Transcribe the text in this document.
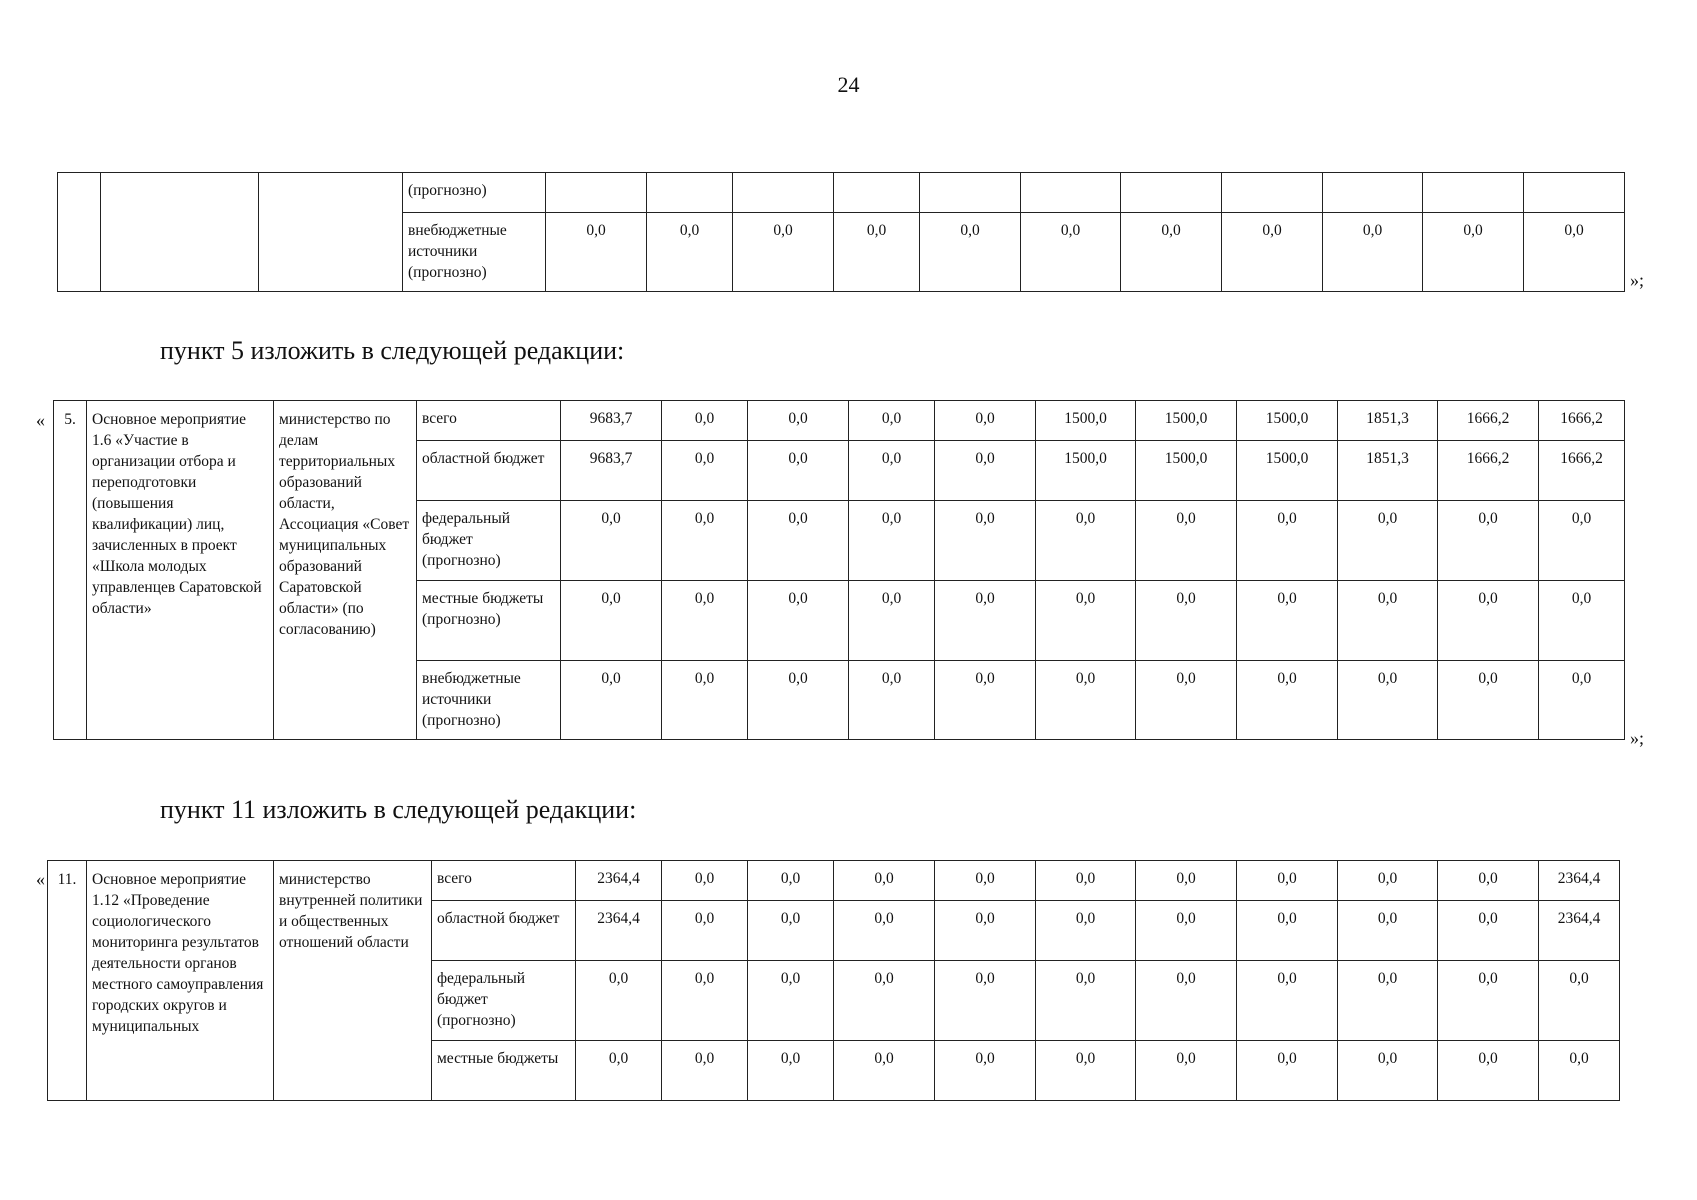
24
			(прогнозно)											
			внебюджетные источники (прогнозно)	0,0	0,0	0,0	0,0	0,0	0,0	0,0	0,0	0,0	0,0	0,0
»;
пункт 5 изложить в следующей редакции:
« 5.	Основное мероприятие 1.6 «Участие в организации отбора и переподготовки (повышения квалификации) лиц, зачисленных в проект «Школа молодых управленцев Саратовской области»	министерство по делам территориальных образований области, Ассоциация «Совет муниципальных образований Саратовской области» (по согласованию)	всего	9683,7	0,0	0,0	0,0	0,0	1500,0	1500,0	1500,0	1851,3	1666,2	1666,2
			областной бюджет	9683,7	0,0	0,0	0,0	0,0	1500,0	1500,0	1500,0	1851,3	1666,2	1666,2
			федеральный бюджет (прогнозно)	0,0	0,0	0,0	0,0	0,0	0,0	0,0	0,0	0,0	0,0	0,0
			местные бюджеты (прогнозно)	0,0	0,0	0,0	0,0	0,0	0,0	0,0	0,0	0,0	0,0	0,0
			внебюджетные источники (прогнозно)	0,0	0,0	0,0	0,0	0,0	0,0	0,0	0,0	0,0	0,0	0,0
»;
пункт 11 изложить в следующей редакции:
« 11.	Основное мероприятие 1.12 «Проведение социологического мониторинга результатов деятельности органов местного самоуправления городских округов и муниципальных	министерство внутренней политики и общественных отношений области	всего	2364,4	0,0	0,0	0,0	0,0	0,0	0,0	0,0	0,0	0,0	2364,4
			областной бюджет	2364,4	0,0	0,0	0,0	0,0	0,0	0,0	0,0	0,0	0,0	2364,4
			федеральный бюджет (прогнозно)	0,0	0,0	0,0	0,0	0,0	0,0	0,0	0,0	0,0	0,0	0,0
			местные бюджеты	0,0	0,0	0,0	0,0	0,0	0,0	0,0	0,0	0,0	0,0	0,0
